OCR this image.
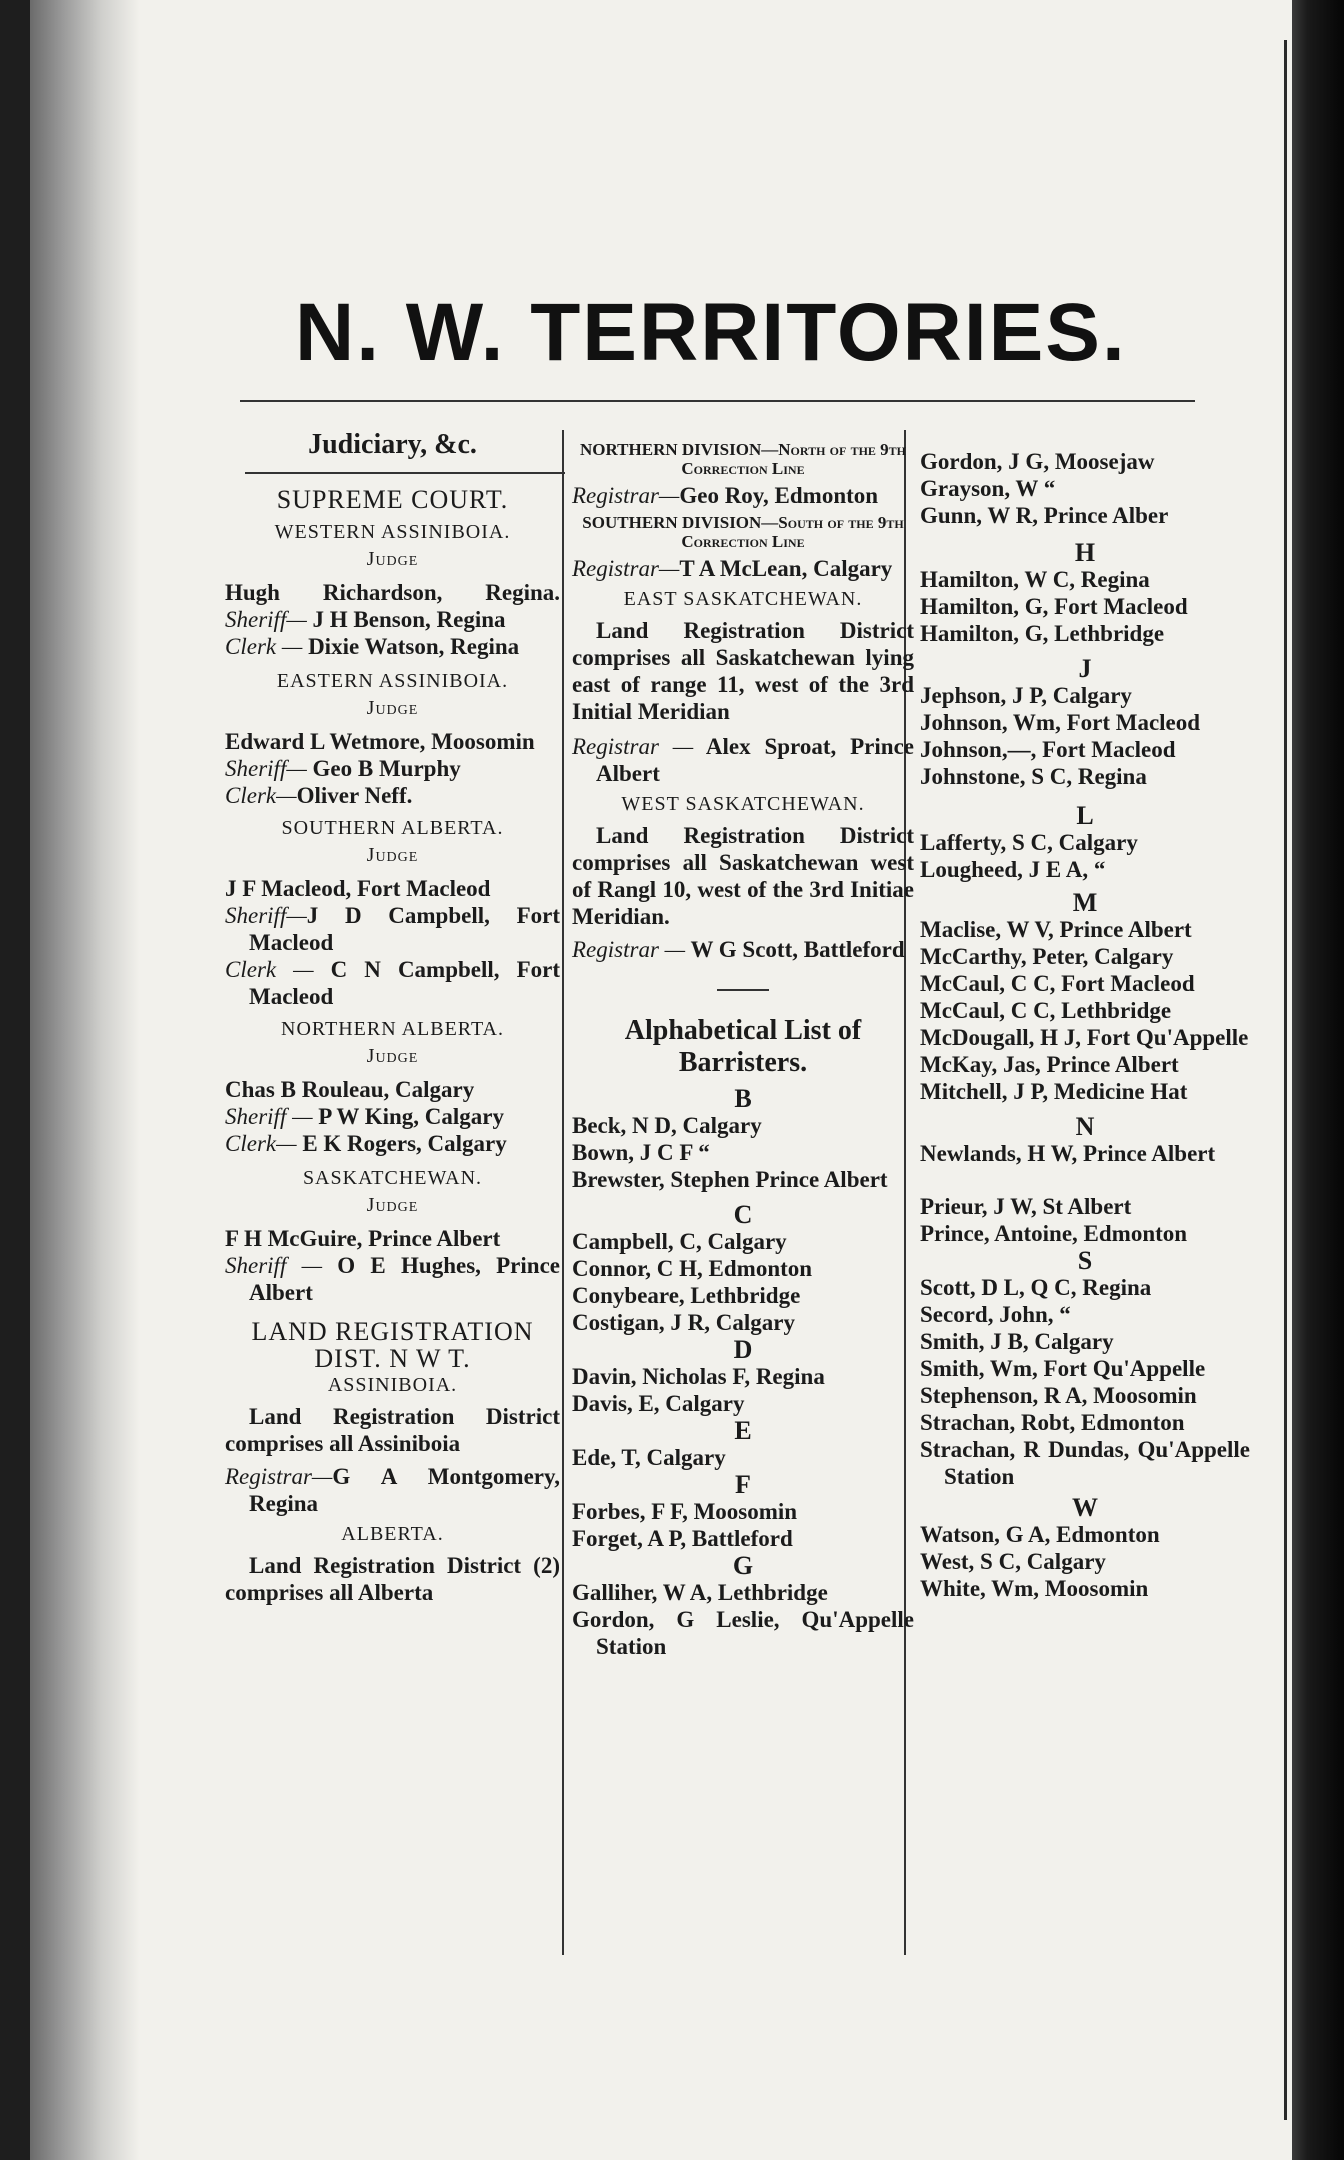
N. W. TERRITORIES.

Judiciary, &c.

SUPREME COURT.

WESTERN ASSINIBOIA.

Judge

Hugh Richardson, Regina.

Sheriff— J H Benson, Regina

Clerk — Dixie Watson, Regina

EASTERN ASSINIBOIA.

Judge

Edward L Wetmore, Moosomin

Sheriff— Geo B Murphy

Clerk—Oliver Neff.

SOUTHERN ALBERTA.

Judge

J F Macleod, Fort Macleod

Sheriff—J D Campbell, Fort Macleod

Clerk — C N Campbell, Fort Macleod

NORTHERN ALBERTA.

Judge

Chas B Rouleau, Calgary

Sheriff — P W King, Calgary

Clerk— E K Rogers, Calgary

SASKATCHEWAN.

Judge

F H McGuire, Prince Albert

Sheriff — O E Hughes, Prince Albert

LAND REGISTRATION

DIST. N W T.

ASSINIBOIA.

Land Registration District comprises all Assiniboia

Registrar—G A Montgomery, Regina

ALBERTA.

Land Registration District (2) comprises all Alberta

NORTHERN DIVISION—North of the 9th Correction Line

Registrar—Geo Roy, Edmonton

SOUTHERN DIVISION—South of the 9th Correction Line

Registrar—T A McLean, Calgary

EAST SASKATCHEWAN.

Land Registration District comprises all Saskatchewan lying east of range 11, west of the 3rd Initial Meridian

Registrar — Alex Sproat, Prince Albert

WEST SASKATCHEWAN.

Land Registration District comprises all Saskatchewan west of Rangl 10, west of the 3rd Initiae Meridian.

Registrar — W G Scott, Battleford

Alphabetical List of Barristers.

B

Beck, N D, Calgary

Bown, J C F “

Brewster, Stephen Prince Albert

C

Campbell, C, Calgary

Connor, C H, Edmonton

Conybeare, Lethbridge

Costigan, J R, Calgary

D

Davin, Nicholas F, Regina

Davis, E, Calgary

E

Ede, T, Calgary

F

Forbes, F F, Moosomin

Forget, A P, Battleford

G

Galliher, W A, Lethbridge

Gordon, G Leslie, Qu'Appelle Station

Gordon, J G, Moosejaw

Grayson, W “

Gunn, W R, Prince Alber

H

Hamilton, W C, Regina

Hamilton, G, Fort Macleod

Hamilton, G, Lethbridge

J

Jephson, J P, Calgary

Johnson, Wm, Fort Macleod

Johnson,—, Fort Macleod

Johnstone, S C, Regina

L

Lafferty, S C, Calgary

Lougheed, J E A, “

M

Maclise, W V, Prince Albert

McCarthy, Peter, Calgary

McCaul, C C, Fort Macleod

McCaul, C C, Lethbridge

McDougall, H J, Fort Qu'Appelle

McKay, Jas, Prince Albert

Mitchell, J P, Medicine Hat

N

Newlands, H W, Prince Albert

Prieur, J W, St Albert

Prince, Antoine, Edmonton

S

Scott, D L, Q C, Regina

Secord, John, “

Smith, J B, Calgary

Smith, Wm, Fort Qu'Appelle

Stephenson, R A, Moosomin

Strachan, Robt, Edmonton

Strachan, R Dundas, Qu'Appelle Station

W

Watson, G A, Edmonton

West, S C, Calgary

White, Wm, Moosomin
